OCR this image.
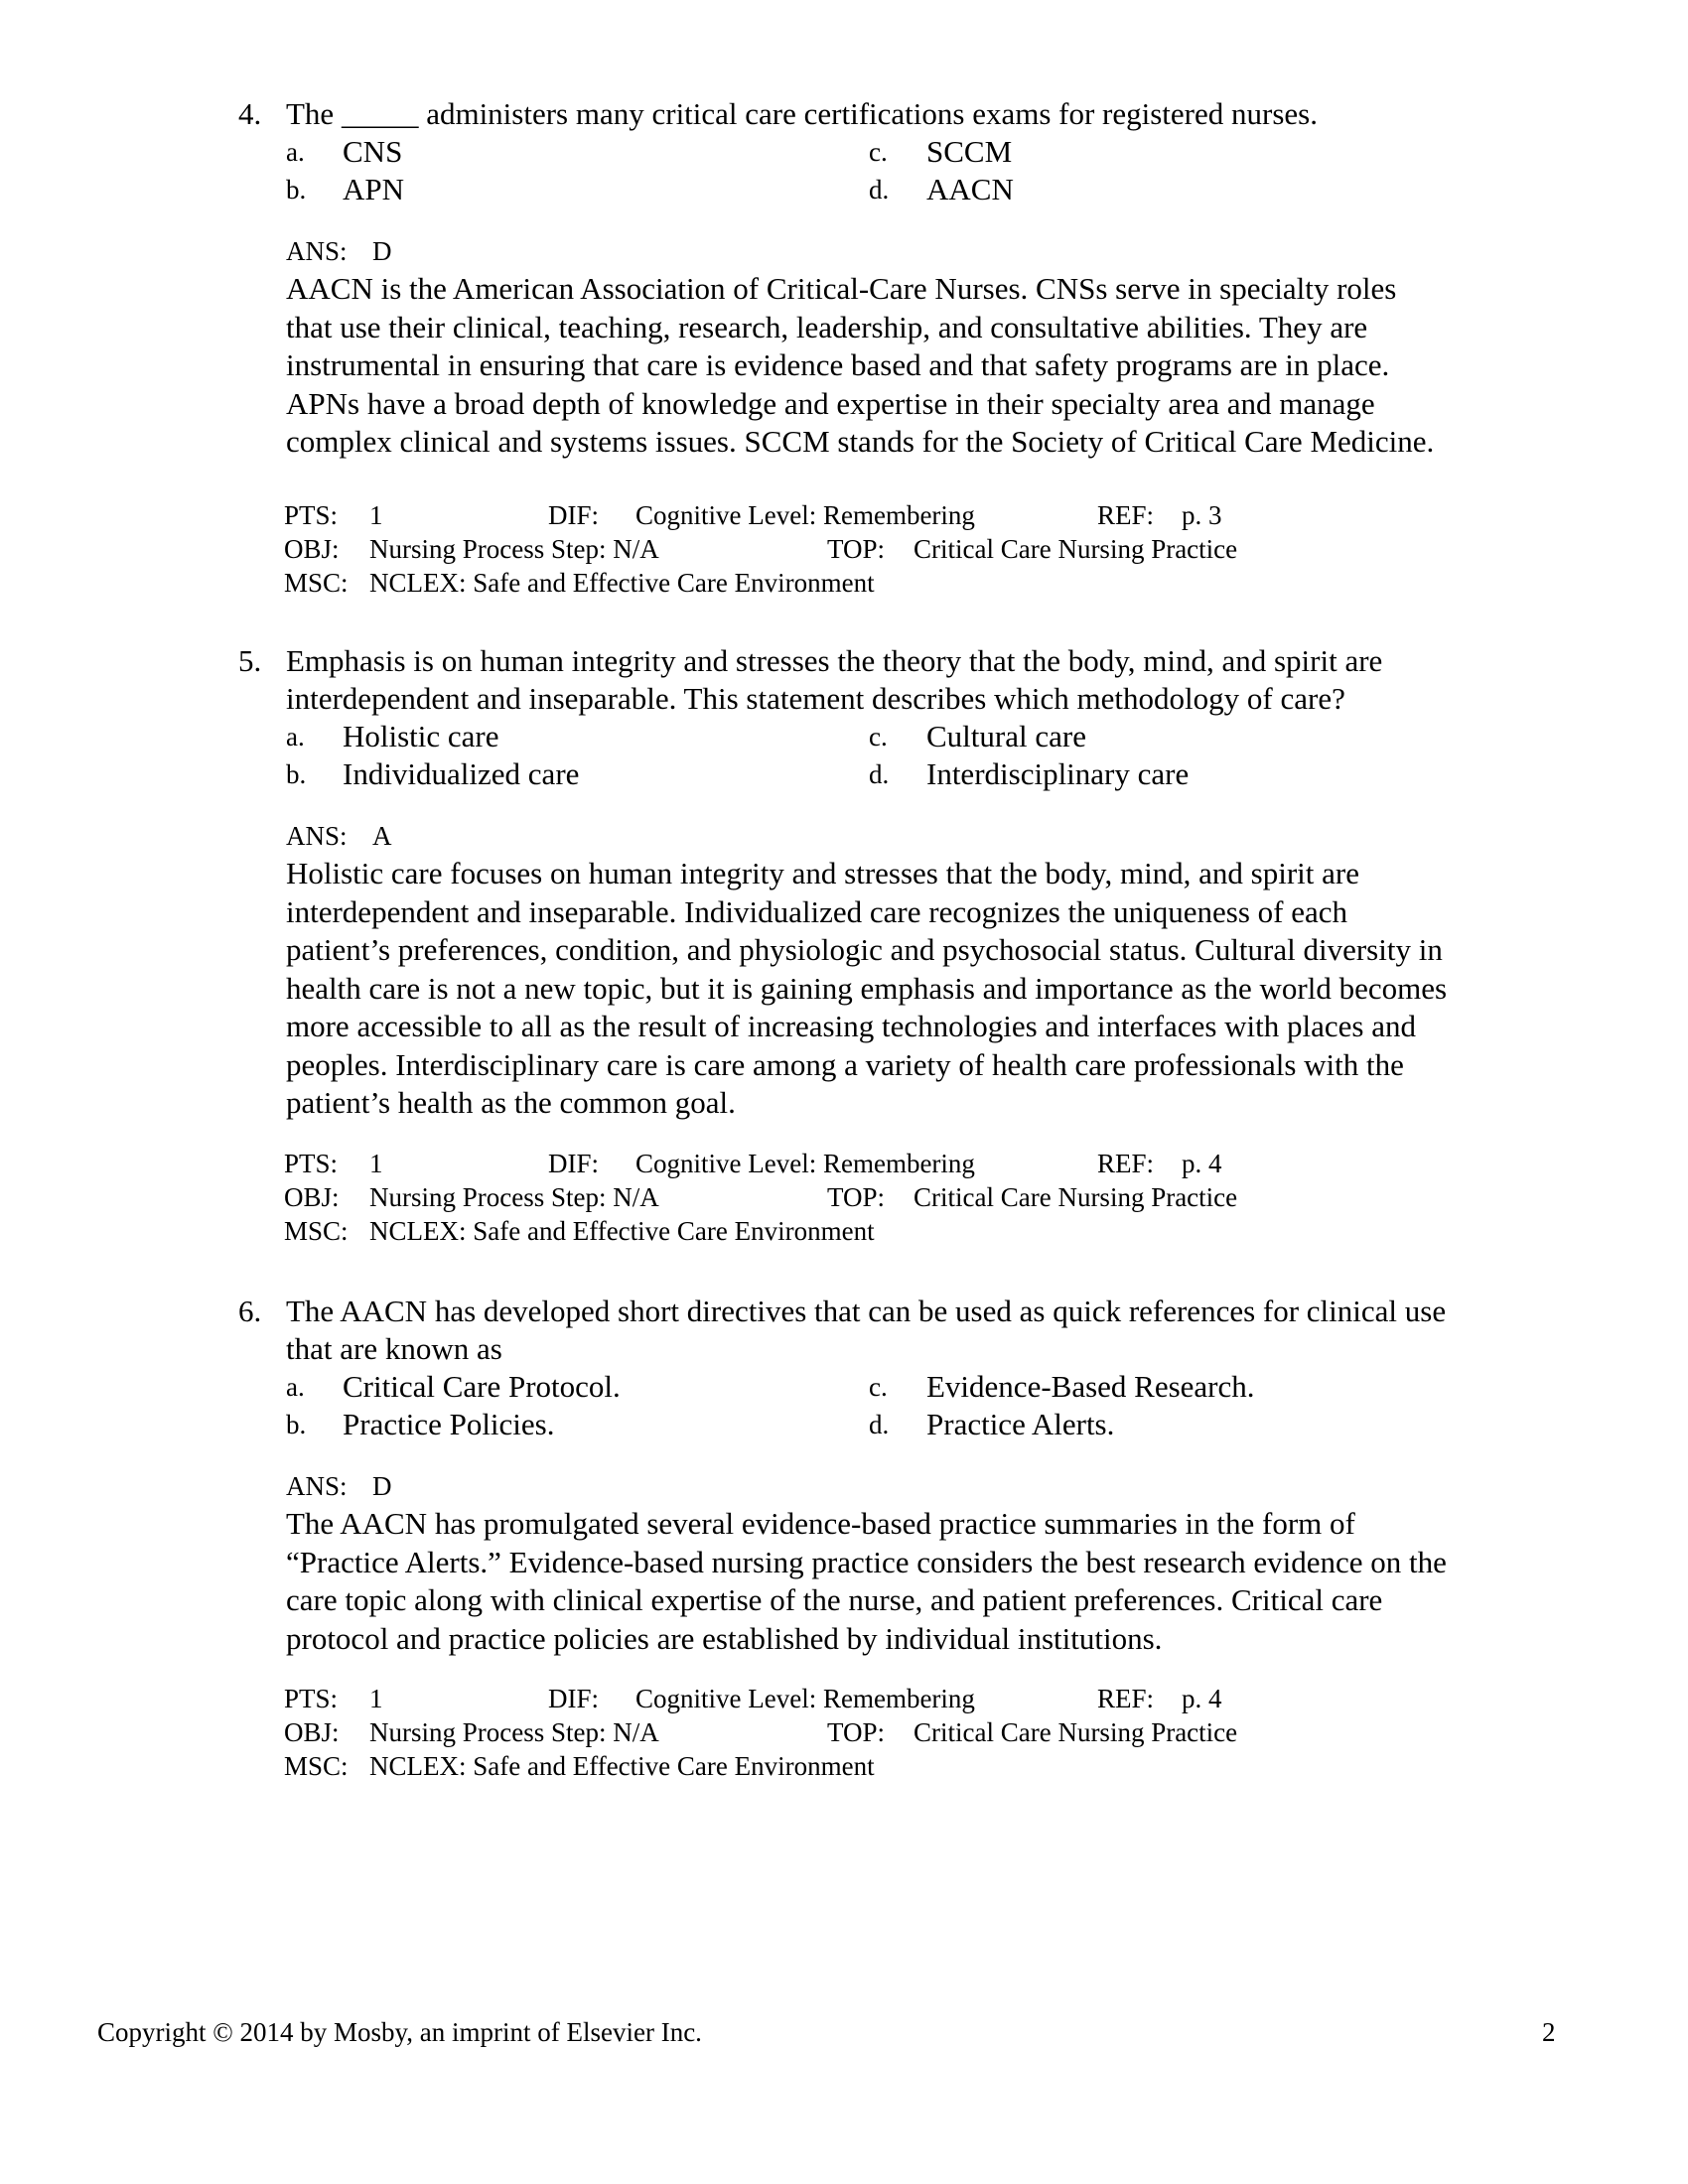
4. The _____ administers many critical care certifications exams for registered nurses.
a. CNS	c. SCCM
b. APN	d. AACN
ANS: D
AACN is the American Association of Critical-Care Nurses. CNSs serve in specialty roles
that use their clinical, teaching, research, leadership, and consultative abilities. They are
instrumental in ensuring that care is evidence based and that safety programs are in place.
APNs have a broad depth of knowledge and expertise in their specialty area and manage
complex clinical and systems issues. SCCM stands for the Society of Critical Care Medicine.
PTS: 1	DIF: Cognitive Level: Remembering	REF: p. 3
OBJ: Nursing Process Step: N/A	TOP: Critical Care Nursing Practice
MSC: NCLEX: Safe and Effective Care Environment
5. Emphasis is on human integrity and stresses the theory that the body, mind, and spirit are
interdependent and inseparable. This statement describes which methodology of care?
a. Holistic care	c. Cultural care
b. Individualized care	d. Interdisciplinary care
ANS: A
Holistic care focuses on human integrity and stresses that the body, mind, and spirit are
interdependent and inseparable. Individualized care recognizes the uniqueness of each
patient’s preferences, condition, and physiologic and psychosocial status. Cultural diversity in
health care is not a new topic, but it is gaining emphasis and importance as the world becomes
more accessible to all as the result of increasing technologies and interfaces with places and
peoples. Interdisciplinary care is care among a variety of health care professionals with the
patient’s health as the common goal.
PTS: 1	DIF: Cognitive Level: Remembering	REF: p. 4
OBJ: Nursing Process Step: N/A	TOP: Critical Care Nursing Practice
MSC: NCLEX: Safe and Effective Care Environment
6. The AACN has developed short directives that can be used as quick references for clinical use
that are known as
a. Critical Care Protocol.	c. Evidence-Based Research.
b. Practice Policies.	d. Practice Alerts.
ANS: D
The AACN has promulgated several evidence-based practice summaries in the form of
“Practice Alerts.” Evidence-based nursing practice considers the best research evidence on the
care topic along with clinical expertise of the nurse, and patient preferences. Critical care
protocol and practice policies are established by individual institutions.
PTS: 1	DIF: Cognitive Level: Remembering	REF: p. 4
OBJ: Nursing Process Step: N/A	TOP: Critical Care Nursing Practice
MSC: NCLEX: Safe and Effective Care Environment
Copyright © 2014 by Mosby, an imprint of Elsevier Inc.	2
